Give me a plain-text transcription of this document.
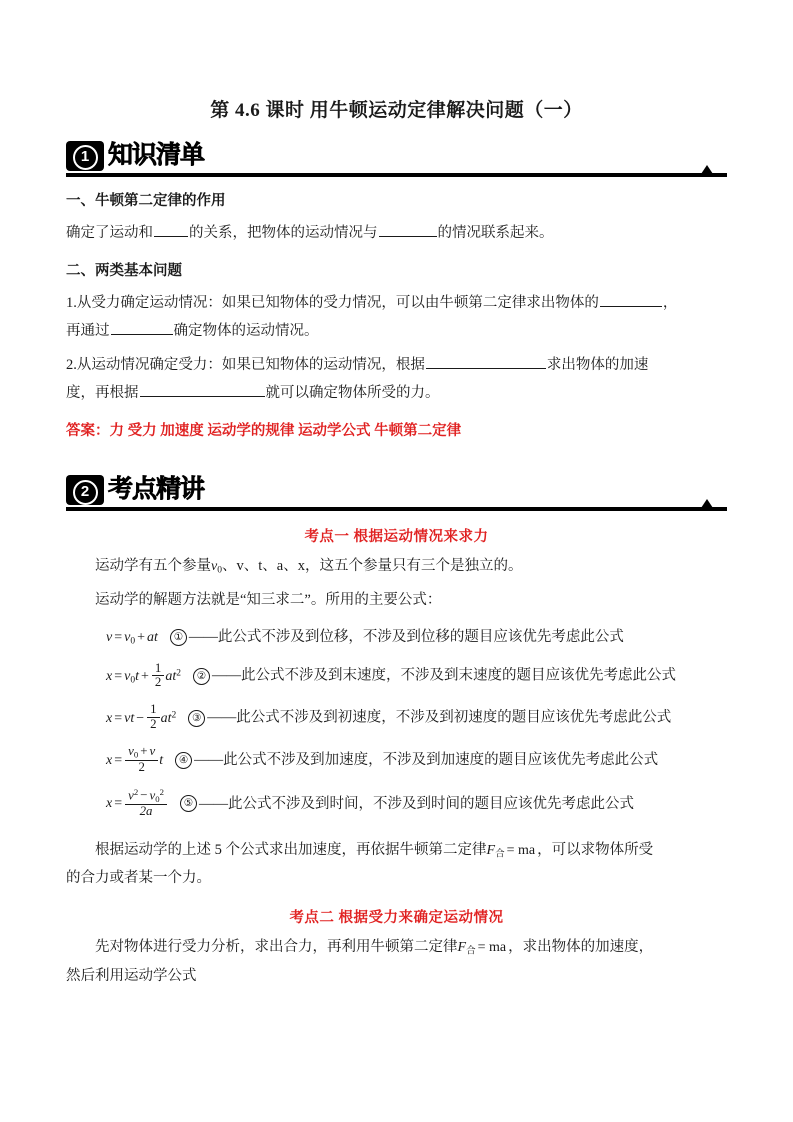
第 4.6 课时 用牛顿运动定律解决问题（一）
1 知识清单
一、牛顿第二定律的作用

确定了运动和 的关系，把物体的运动情况与	的情况联系起来。

二、两类基本问题

1.从受力确定运动情况：如果已知物体的受力情况，可以由牛顿第二定律求出物体的	，
再通过	确定物体的运动情况。

2.从运动情况确定受力：如果已知物体的运动情况，根据	求出物体的加速
度，再根据	就可以确定物体所受的力。

答案：力 受力 加速度 运动学的规律 运动学公式 牛顿第二定律

2 考点精讲
考点一 根据运动情况来求力

运动学有五个参量$v_0$、v、t、a、x，这五个参量只有三个是独立的。

运动学的解题方法就是“知三求二”。所用的主要公式：

$v = v_0$ + at ① ——此公式不涉及到位移，不涉及到位移的题目应该优先考虑此公式
$x = v_0t + \frac{1}{2} at^2$ ② ——此公式不涉及到末速度，不涉及到末速度的题目应该优先考虑此公式
x = vt − $\frac{1}{2} at^2$ ③ ——此公式不涉及到初速度，不涉及到初速度的题目应该优先考虑此公式
$x = \frac{v_0 + v}{2}$ t ④ ——此公式不涉及到加速度，不涉及到加速度的题目应该优先考虑此公式
$x = \frac{v^2 - v_0^2}{2a}$ ⑤ ——此公式不涉及到时间，不涉及到时间的题目应该优先考虑此公式

根据运动学的上述 5 个公式求出加速度，再依据牛顿第二定律$F_合$ = ma ，可以求物体所受
的合力或者某一个力。

考点二 根据受力来确定运动情况

先对物体进行受力分析，求出合力，再利用牛顿第二定律$F_合$ = ma ，求出物体的加速度，
然后利用运动学公式
